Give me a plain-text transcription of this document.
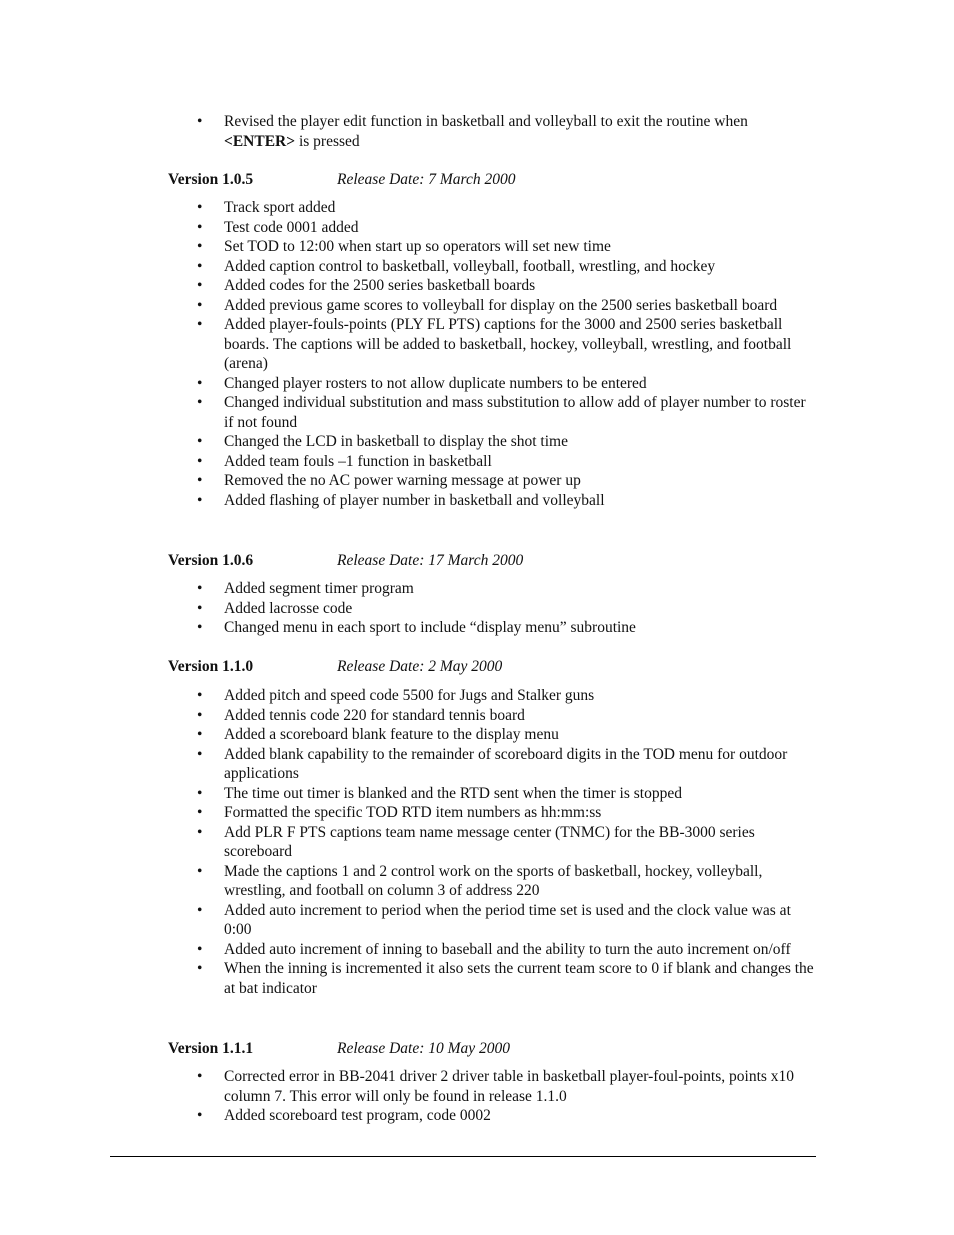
• Revised the player edit function in basketball and volleyball to exit the routine when <ENTER> is pressed
Version 1.0.5	Release Date: 7 March 2000
• Track sport added
• Test code 0001 added
• Set TOD to 12:00 when start up so operators will set new time
• Added caption control to basketball, volleyball, football, wrestling, and hockey
• Added codes for the 2500 series basketball boards
• Added previous game scores to volleyball for display on the 2500 series basketball board
• Added player-fouls-points (PLY FL PTS) captions for the 3000 and 2500 series basketball boards. The captions will be added to basketball, hockey, volleyball, wrestling, and football (arena)
• Changed player rosters to not allow duplicate numbers to be entered
• Changed individual substitution and mass substitution to allow add of player number to roster if not found
• Changed the LCD in basketball to display the shot time
• Added team fouls –1 function in basketball
• Removed the no AC power warning message at power up
• Added flashing of player number in basketball and volleyball
Version 1.0.6	Release Date: 17 March 2000
• Added segment timer program
• Added lacrosse code
• Changed menu in each sport to include “display menu” subroutine
Version 1.1.0	Release Date: 2 May 2000
• Added pitch and speed code 5500 for Jugs and Stalker guns
• Added tennis code 220 for standard tennis board
• Added a scoreboard blank feature to the display menu
• Added blank capability to the remainder of scoreboard digits in the TOD menu for outdoor applications
• The time out timer is blanked and the RTD sent when the timer is stopped
• Formatted the specific TOD RTD item numbers as hh:mm:ss
• Add PLR F PTS captions team name message center (TNMC) for the BB-3000 series scoreboard
• Made the captions 1 and 2 control work on the sports of basketball, hockey, volleyball, wrestling, and football on column 3 of address 220
• Added auto increment to period when the period time set is used and the clock value was at 0:00
• Added auto increment of inning to baseball and the ability to turn the auto increment on/off
• When the inning is incremented it also sets the current team score to 0 if blank and changes the at bat indicator
Version 1.1.1	Release Date: 10 May 2000
• Corrected error in BB-2041 driver 2 driver table in basketball player-foul-points, points x10 column 7. This error will only be found in release 1.1.0
• Added scoreboard test program, code 0002
